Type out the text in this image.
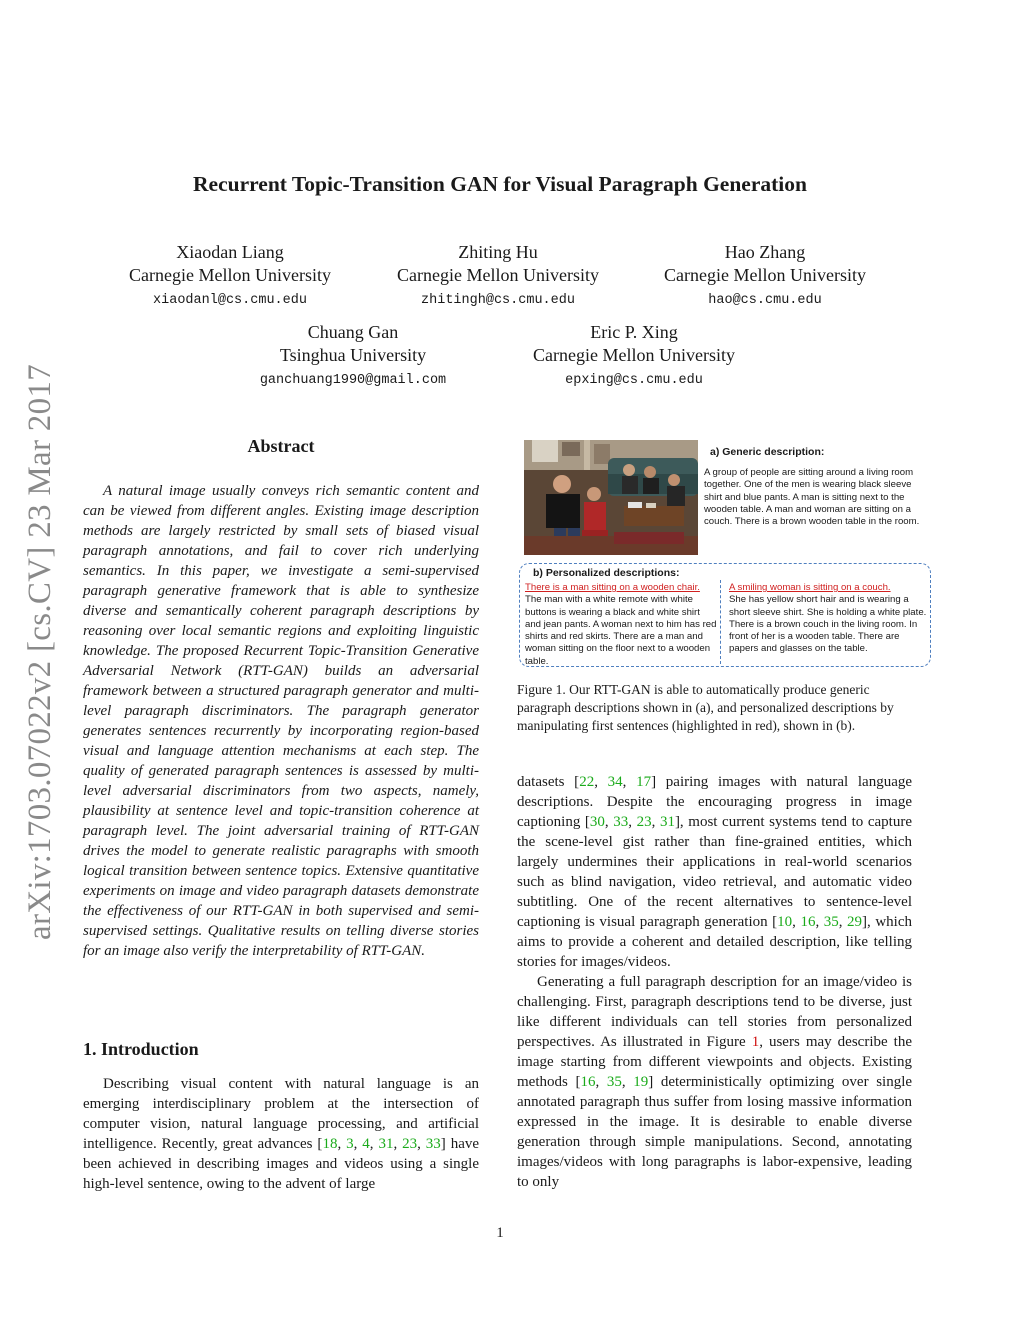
Recurrent Topic-Transition GAN for Visual Paragraph Generation
Xiaodan Liang
Carnegie Mellon University
xiaodanl@cs.cmu.edu
Zhiting Hu
Carnegie Mellon University
zhitingh@cs.cmu.edu
Hao Zhang
Carnegie Mellon University
hao@cs.cmu.edu
Chuang Gan
Tsinghua University
ganchuang1990@gmail.com
Eric P. Xing
Carnegie Mellon University
epxing@cs.cmu.edu
arXiv:1703.07022v2 [cs.CV] 23 Mar 2017	Abstract

A natural image usually conveys rich semantic content and can be viewed from different angles. Existing image description methods are largely restricted by small sets of biased visual paragraph annotations, and fail to cover rich underlying semantics. In this paper, we investigate a semi-supervised paragraph generative framework that is able to synthesize diverse and semantically coherent paragraph descriptions by reasoning over local semantic regions and exploiting linguistic knowledge. The proposed Recurrent Topic-Transition Generative Adversarial Network (RTT-GAN) builds an adversarial framework between a structured paragraph generator and multi-level paragraph discriminators. The paragraph generator generates sentences recurrently by incorporating region-based visual and language attention mechanisms at each step. The quality of generated paragraph sentences is assessed by multi-level adversarial discriminators from two aspects, namely, plausibility at sentence level and topic-transition coherence at paragraph level. The joint adversarial training of RTT-GAN drives the model to generate realistic paragraphs with smooth logical transition between sentence topics. Extensive quantitative experiments on image and video paragraph datasets demonstrate the effectiveness of our RTT-GAN in both supervised and semi-supervised settings. Qualitative results on telling diverse stories for an image also verify the interpretability of RTT-GAN.

1. Introduction

Describing visual content with natural language is an emerging interdisciplinary problem at the intersection of computer vision, natural language processing, and artificial intelligence. Recently, great advances [18, 3, 4, 31, 23, 33] have been achieved in describing images and videos using a single high-level sentence, owing to the advent of large

a) Generic description:

A group of people are sitting around a living room together. One of the men is wearing black sleeve shirt and blue pants. A man is sitting next to the wooden table. A man and woman are sitting on a couch. There is a brown wooden table in the room.

b) Personalized descriptions:

There is a man sitting on a wooden chair.
The man with a white remote with white buttons is wearing a black and white shirt and jean pants. A woman next to him has red shirts and red skirts. There are a man and woman sitting on the floor next to a wooden table.

A smiling woman is sitting on a couch.
She has yellow short hair and is wearing a short sleeve shirt. She is holding a white plate. There is a brown couch in the living room. In front of her is a wooden table. There are papers and glasses on the table.

Figure 1. Our RTT-GAN is able to automatically produce generic paragraph descriptions shown in (a), and personalized descriptions by manipulating first sentences (highlighted in red), shown in (b).

datasets [22, 34, 17] pairing images with natural language descriptions. Despite the encouraging progress in image captioning [30, 33, 23, 31], most current systems tend to capture the scene-level gist rather than fine-grained entities, which largely undermines their applications in real-world scenarios such as blind navigation, video retrieval, and automatic video subtitling. One of the recent alternatives to sentence-level captioning is visual paragraph generation [10, 16, 35, 29], which aims to provide a coherent and detailed description, like telling stories for images/videos.

Generating a full paragraph description for an image/video is challenging. First, paragraph descriptions tend to be diverse, just like different individuals can tell stories from personalized perspectives. As illustrated in Figure 1, users may describe the image starting from different viewpoints and objects. Existing methods [16, 35, 19] deterministically optimizing over single annotated paragraph thus suffer from losing massive information expressed in the image. It is desirable to enable diverse generation through simple manipulations. Second, annotating images/videos with long paragraphs is labor-expensive, leading to only

1
